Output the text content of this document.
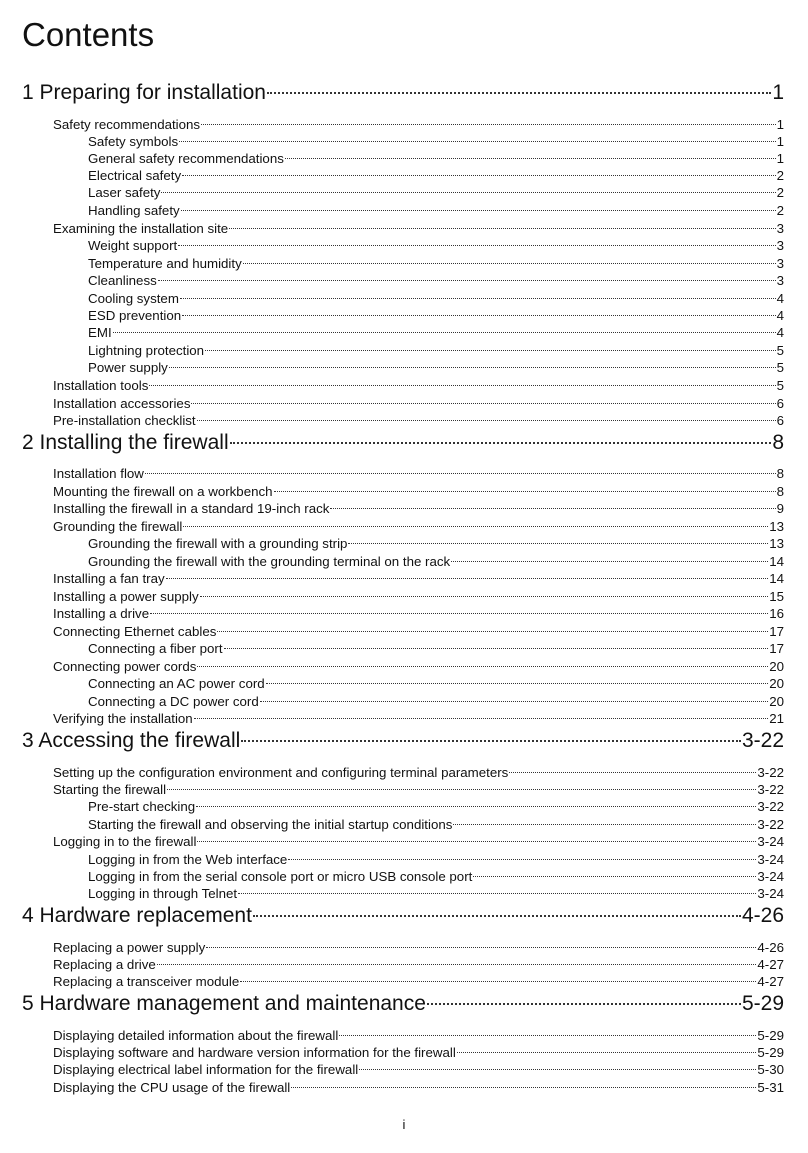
Contents
1 Preparing for installation	1
Safety recommendations	1
Safety symbols	1
General safety recommendations	1
Electrical safety	2
Laser safety	2
Handling safety	2
Examining the installation site	3
Weight support	3
Temperature and humidity	3
Cleanliness	3
Cooling system	4
ESD prevention	4
EMI	4
Lightning protection	5
Power supply	5
Installation tools	5
Installation accessories	6
Pre-installation checklist	6
2 Installing the firewall	8
Installation flow	8
Mounting the firewall on a workbench	8
Installing the firewall in a standard 19-inch rack	9
Grounding the firewall	13
Grounding the firewall with a grounding strip	13
Grounding the firewall with the grounding terminal on the rack	14
Installing a fan tray	14
Installing a power supply	15
Installing a drive	16
Connecting Ethernet cables	17
Connecting a fiber port	17
Connecting power cords	20
Connecting an AC power cord	20
Connecting a DC power cord	20
Verifying the installation	21
3 Accessing the firewall	3-22
Setting up the configuration environment and configuring terminal parameters	3-22
Starting the firewall	3-22
Pre-start checking	3-22
Starting the firewall and observing the initial startup conditions	3-22
Logging in to the firewall	3-24
Logging in from the Web interface	3-24
Logging in from the serial console port or micro USB console port	3-24
Logging in through Telnet	3-24
4 Hardware replacement	4-26
Replacing a power supply	4-26
Replacing a drive	4-27
Replacing a transceiver module	4-27
5 Hardware management and maintenance	5-29
Displaying detailed information about the firewall	5-29
Displaying software and hardware version information for the firewall	5-29
Displaying electrical label information for the firewall	5-30
Displaying the CPU usage of the firewall	5-31
i
